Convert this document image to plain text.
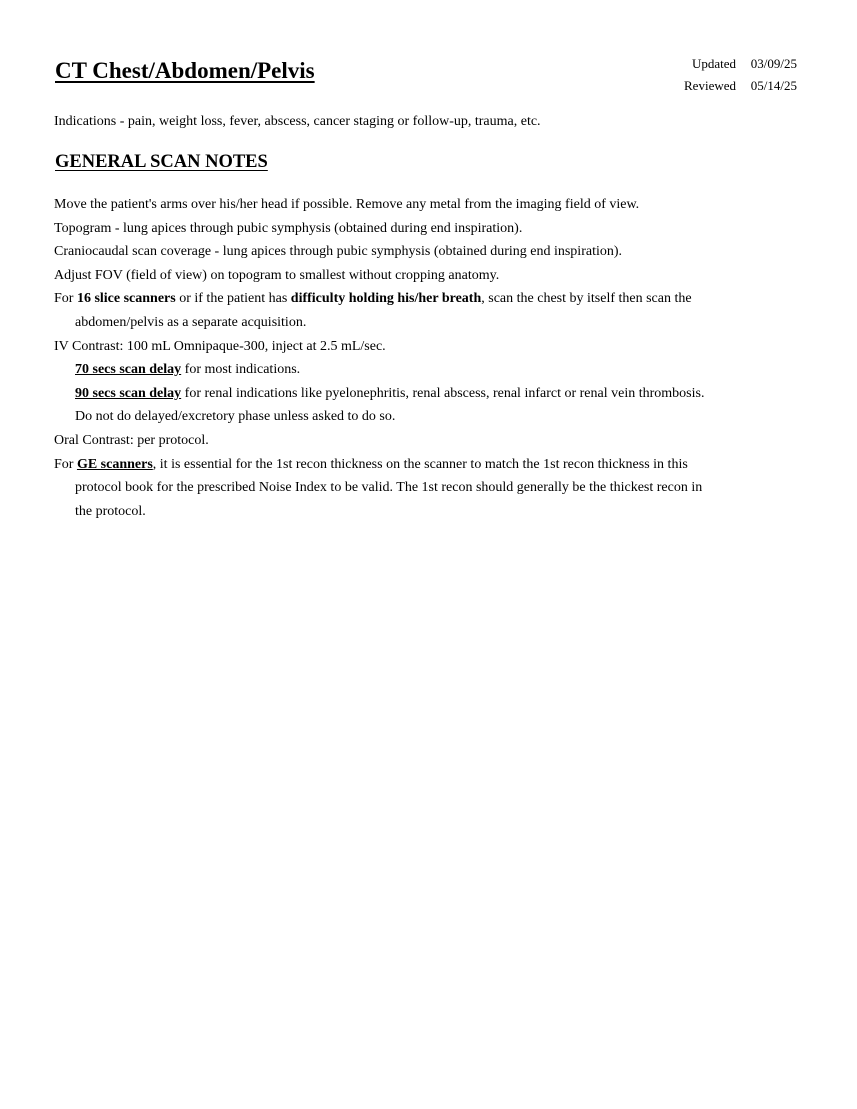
CT Chest/Abdomen/Pelvis	Updated 03/09/25
Reviewed 05/14/25
Indications - pain, weight loss, fever, abscess, cancer staging or follow-up, trauma, etc.
GENERAL SCAN NOTES
Move the patient's arms over his/her head if possible. Remove any metal from the imaging field of view.
Topogram - lung apices through pubic symphysis (obtained during end inspiration).
Craniocaudal scan coverage - lung apices through pubic symphysis (obtained during end inspiration).
Adjust FOV (field of view) on topogram to smallest without cropping anatomy.
For 16 slice scanners or if the patient has difficulty holding his/her breath, scan the chest by itself then scan the
abdomen/pelvis as a separate acquisition.
IV Contrast: 100 mL Omnipaque-300, inject at 2.5 mL/sec.
70 secs scan delay for most indications.
90 secs scan delay for renal indications like pyelonephritis, renal abscess, renal infarct or renal vein thrombosis.
Do not do delayed/excretory phase unless asked to do so.
Oral Contrast: per protocol.
For GE scanners, it is essential for the 1st recon thickness on the scanner to match the 1st recon thickness in this
protocol book for the prescribed Noise Index to be valid. The 1st recon should generally be the thickest recon in
the protocol.
